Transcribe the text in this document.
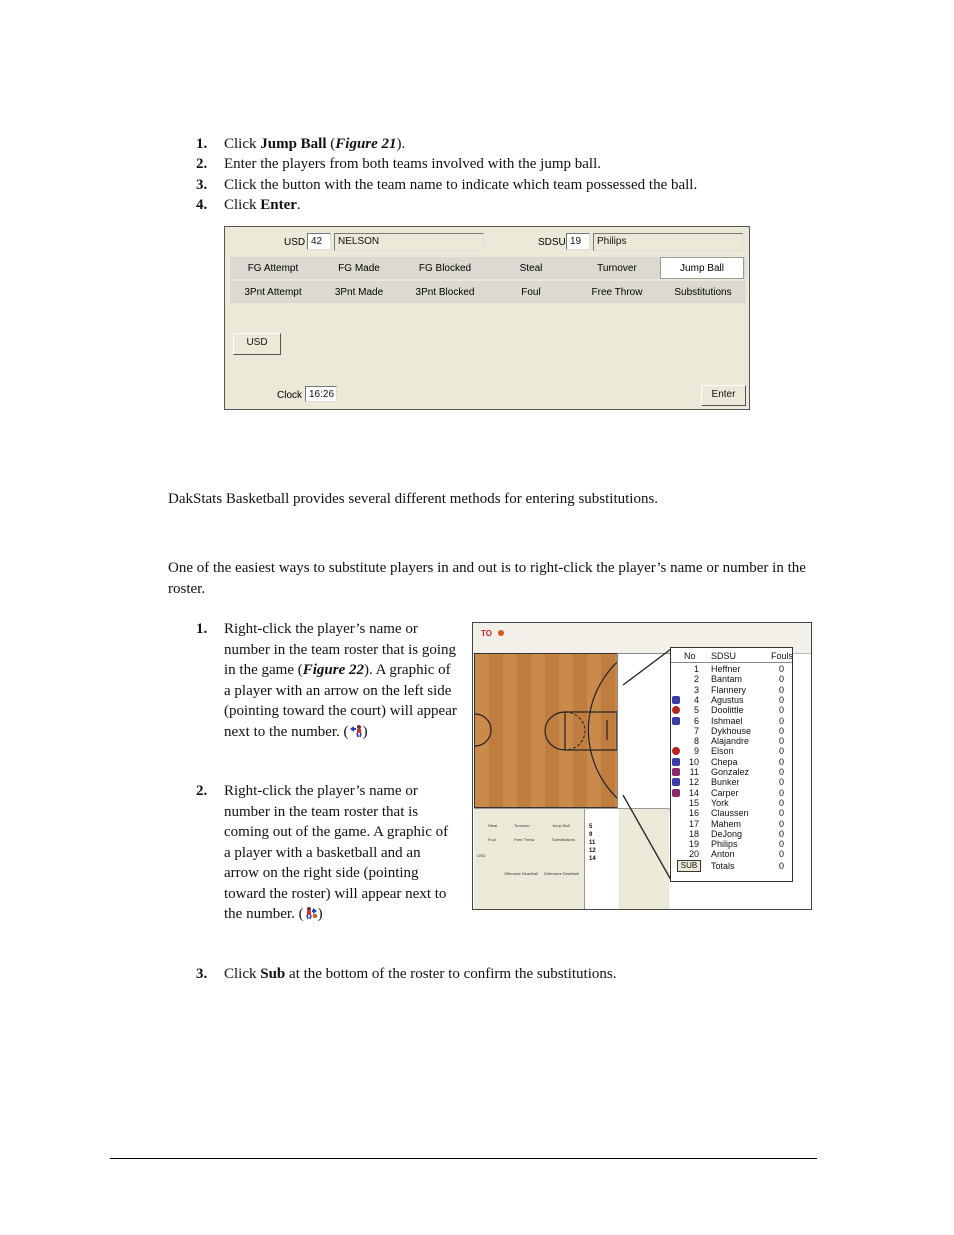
1. Click Jump Ball (Figure 21).
2. Enter the players from both teams involved with the jump ball.
3. Click the button with the team name to indicate which team possessed the ball.
4. Click Enter.
USD 42	NELSON	SDSU 19	Philips
FG Attempt	FG Made	FG Blocked	Steal	Turnover	Jump Ball
3Pnt Attempt	3Pnt Made	3Pnt Blocked	Foul	Free Throw	Substitutions
USD
Clock 16:26	Enter
DakStats Basketball provides several different methods for entering substitutions.
One of the easiest ways to substitute players in and out is to right-click the player’s name or number in the roster.
1. Right-click the player’s name or number in the team roster that is going in the game (Figure 22). A graphic of a player with an arrow on the left side (pointing toward the court) will appear next to the number. ( )
2. Right-click the player’s name or number in the team roster that is coming out of the game. A graphic of a player with a basketball and an arrow on the right side (pointing toward the roster) will appear next to the number. ( )
3. Click Sub at the bottom of the roster to confirm the substitutions.
TO
Steal	Turnover	Jump Ball
Foul	Free Throw	Substitutions
USD
Offensive Deadball Defensive Deadball
5
9
11
12
14
No SDSU	Fouls
1 Heffner	0
2 Bantam	0
3 Flannery	0
4 Agustus	0
5 Doolittle	0
6 Ishmael	0
7 Dykhouse	0
8 Alajandre	0
9 Elson	0
10 Chepa	0
11 Gonzalez	0
12 Bunker	0
14 Carper	0
15 York	0
16 Claussen	0
17 Mahem	0
18 DeJong	0
19 Philips	0
20 Anton	0
SUB	Totals	0
